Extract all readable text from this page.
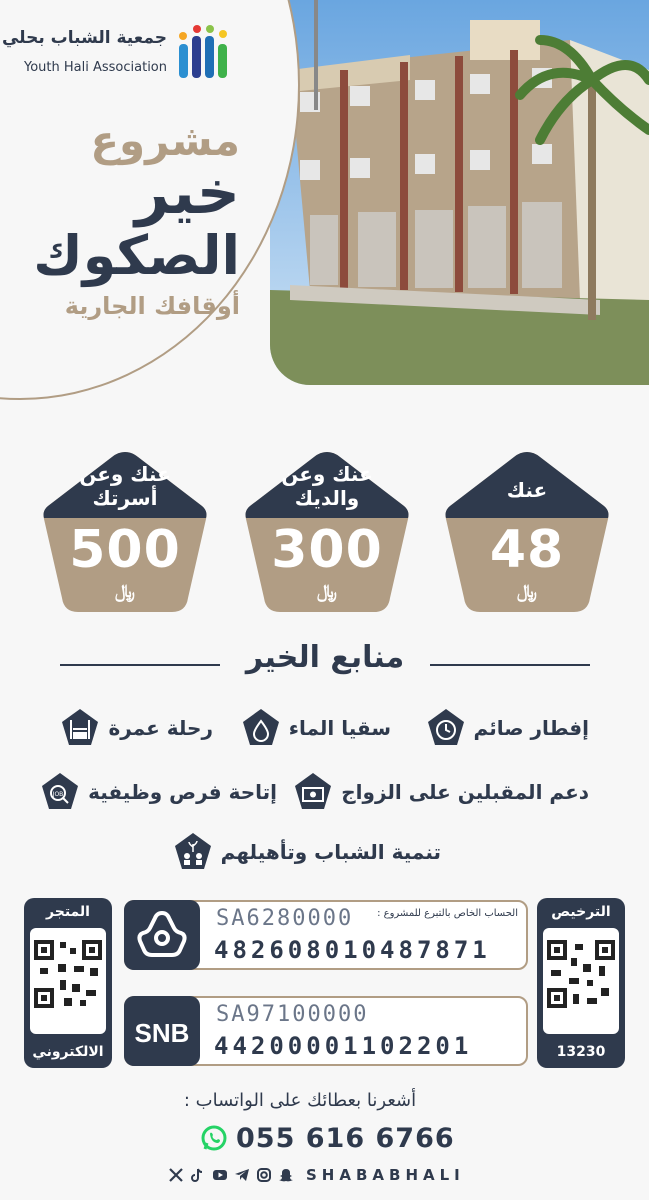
جمعية الشباب بحلي
Youth Hali Association
مشروع
خير
الصكوك
أوقافك الجارية
عنك
48
﷼
عنك وعن والديك
300
﷼
عنك وعن أسرتك
500
﷼
منابع الخير
إفطار صائم
سقيا الماء
رحلة عمرة
دعم المقبلين على الزواج
JOB إتاحة فرص وظيفية
تنمية الشباب وتأهيلهم
المتجر
الالكتروني
الترخيص
13230
الحساب الخاص بالتبرع للمشروع :
SA6280000
482608010487871
SNB
SA97100000
44200001102201
أشعرنا بعطائك على الواتساب :
055 616 6766
SHABABHALI
